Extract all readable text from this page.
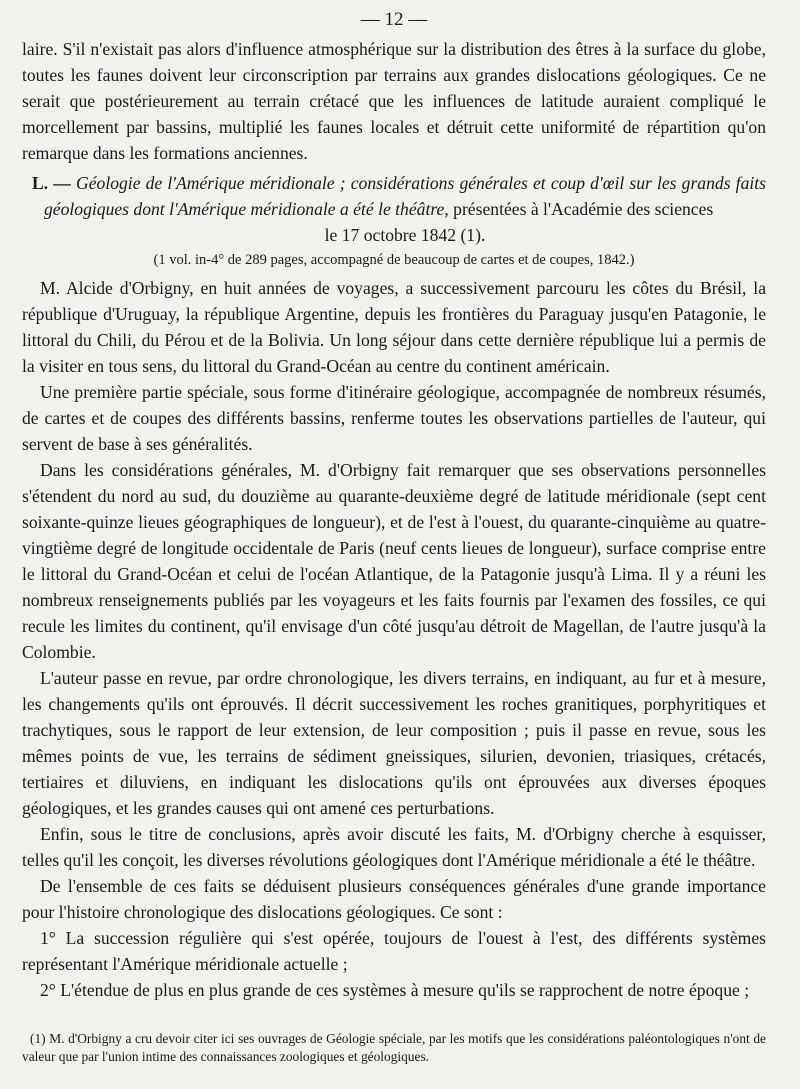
— 12 —

laire. S'il n'existait pas alors d'influence atmosphérique sur la distribution des êtres à la surface du globe, toutes les faunes doivent leur circonscription par terrains aux grandes dislocations géologiques. Ce ne serait que postérieurement au terrain crétacé que les influences de latitude auraient compliqué le morcellement par bassins, multiplié les faunes locales et détruit cette uniformité de répartition qu'on remarque dans les formations anciennes.

L. — Géologie de l'Amérique méridionale ; considérations générales et coup d'œil sur les grands faits géologiques dont l'Amérique méridionale a été le théâtre, présentées à l'Académie des sciences
le 17 octobre 1842 (1).

(1 vol. in-4° de 289 pages, accompagné de beaucoup de cartes et de coupes, 1842.)

M. Alcide d'Orbigny, en huit années de voyages, a successivement parcouru les côtes du Brésil, la république d'Uruguay, la république Argentine, depuis les frontières du Paraguay jusqu'en Patagonie, le littoral du Chili, du Pérou et de la Bolivia. Un long séjour dans cette dernière république lui a permis de la visiter en tous sens, du littoral du Grand-Océan au centre du continent américain.

Une première partie spéciale, sous forme d'itinéraire géologique, accompagnée de nombreux résumés, de cartes et de coupes des différents bassins, renferme toutes les observations partielles de l'auteur, qui servent de base à ses généralités.

Dans les considérations générales, M. d'Orbigny fait remarquer que ses observations personnelles s'étendent du nord au sud, du douzième au quarante-deuxième degré de latitude méridionale (sept cent soixante-quinze lieues géographiques de longueur), et de l'est à l'ouest, du quarante-cinquième au quatre-vingtième degré de longitude occidentale de Paris (neuf cents lieues de longueur), surface comprise entre le littoral du Grand-Océan et celui de l'océan Atlantique, de la Patagonie jusqu'à Lima. Il y a réuni les nombreux renseignements publiés par les voyageurs et les faits fournis par l'examen des fossiles, ce qui recule les limites du continent, qu'il envisage d'un côté jusqu'au détroit de Magellan, de l'autre jusqu'à la Colombie.

L'auteur passe en revue, par ordre chronologique, les divers terrains, en indiquant, au fur et à mesure, les changements qu'ils ont éprouvés. Il décrit successivement les roches granitiques, porphyritiques et trachytiques, sous le rapport de leur extension, de leur composition ; puis il passe en revue, sous les mêmes points de vue, les terrains de sédiment gneissiques, silurien, devonien, triasiques, crétacés, tertiaires et diluviens, en indiquant les dislocations qu'ils ont éprouvées aux diverses époques géologiques, et les grandes causes qui ont amené ces perturbations.

Enfin, sous le titre de conclusions, après avoir discuté les faits, M. d'Orbigny cherche à esquisser, telles qu'il les conçoit, les diverses révolutions géologiques dont l'Amérique méridionale a été le théâtre.

De l'ensemble de ces faits se déduisent plusieurs conséquences générales d'une grande importance pour l'histoire chronologique des dislocations géologiques. Ce sont :

1° La succession régulière qui s'est opérée, toujours de l'ouest à l'est, des différents systèmes représentant l'Amérique méridionale actuelle ;

2° L'étendue de plus en plus grande de ces systèmes à mesure qu'ils se rapprochent de notre époque ;

(1) M. d'Orbigny a cru devoir citer ici ses ouvrages de Géologie spéciale, par les motifs que les considérations paléontologiques n'ont de valeur que par l'union intime des connaissances zoologiques et géologiques.
